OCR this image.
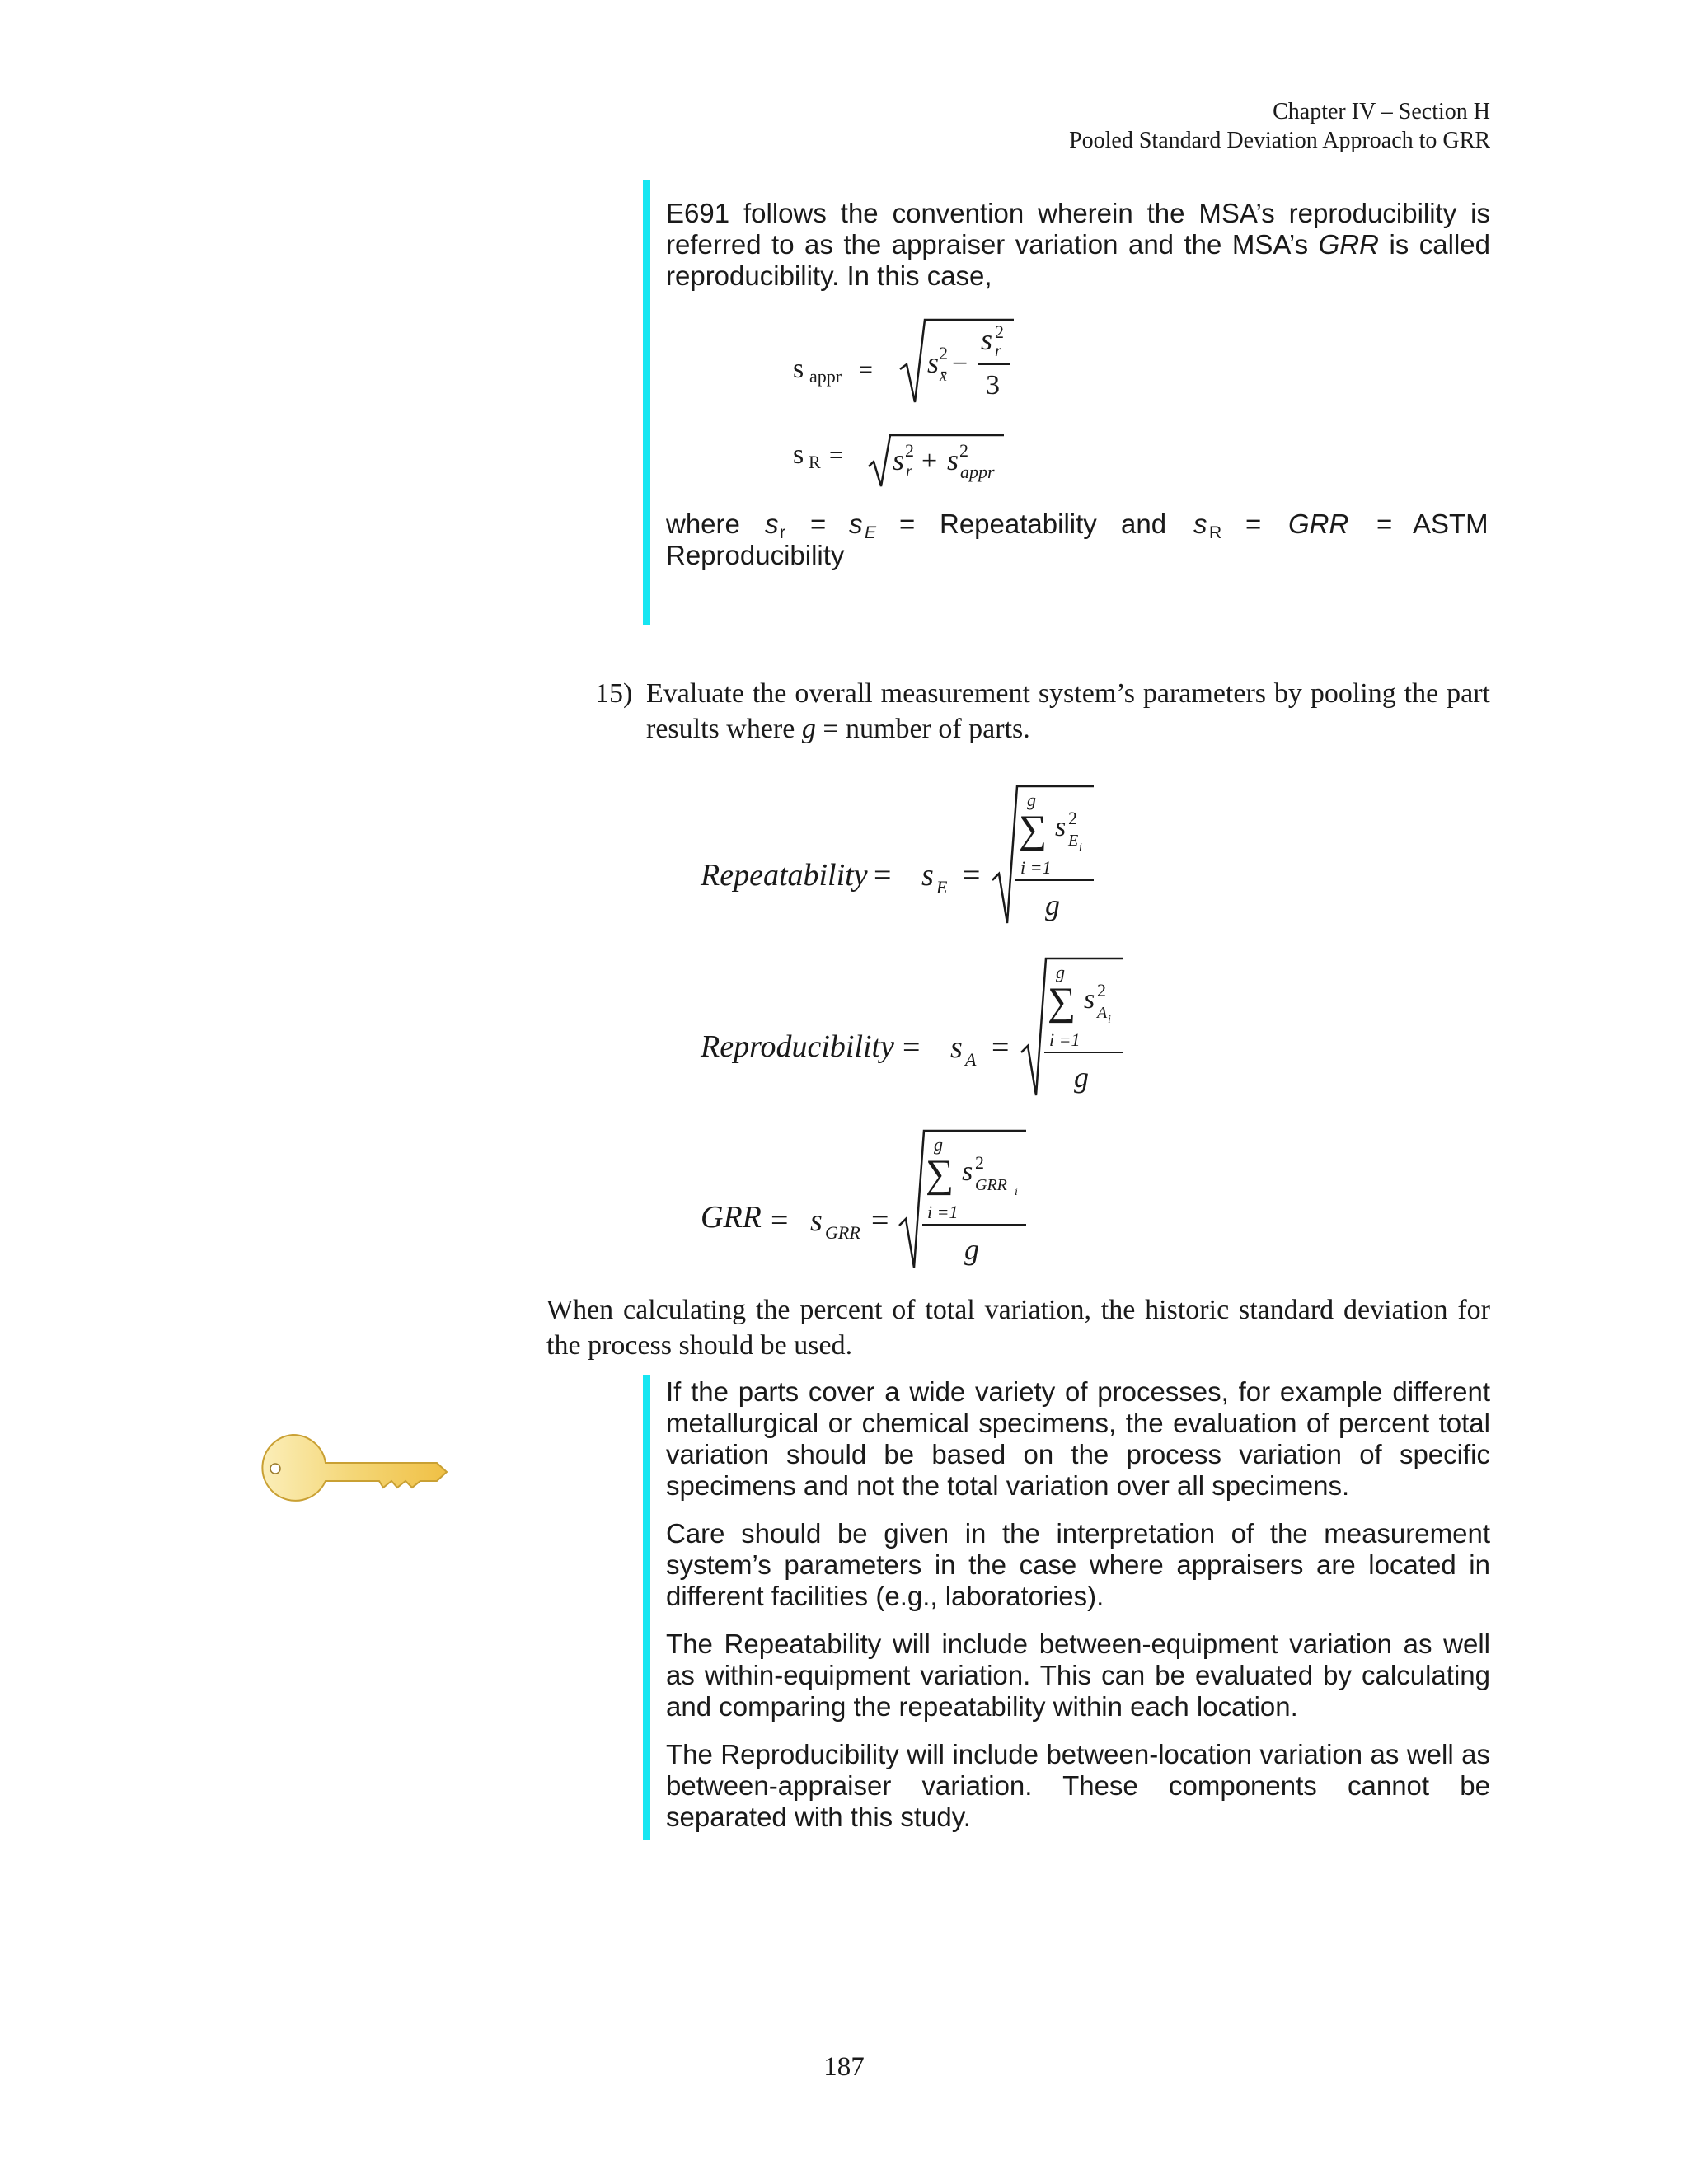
Chapter IV – Section H
Pooled Standard Deviation Approach to GRR

E691 follows the convention wherein the MSA’s reproducibility is referred to as the appraiser variation and the MSA’s GRR is called reproducibility. In this case,

s appr = s 2
x̄ −
s 2
r
3
s R = s 2
r + s 2
appr
where s r = s E = Repeatability and s R = GRR = ASTM
Reproducibility
15) Evaluate the overall measurement system’s parameters by pooling the part results where g = number of parts.
Repeatability = s E =
g
∑
i =1
s 2
E i
g
Reproducibility = s A =
g
∑
i =1
s 2
A i
g
GRR = s GRR =
g
∑
i =1
s 2
GRR i
g
When calculating the percent of total variation, the historic standard deviation for the process should be used.

If the parts cover a wide variety of processes, for example different metallurgical or chemical specimens, the evaluation of percent total variation should be based on the process variation of specific specimens and not the total variation over all specimens.

Care should be given in the interpretation of the measurement system’s parameters in the case where appraisers are located in different facilities (e.g., laboratories).

The Repeatability will include between-equipment variation as well as within-equipment variation. This can be evaluated by calculating and comparing the repeatability within each location.

The Reproducibility will include between-location variation as well as between-appraiser variation. These components cannot be separated with this study.

187
